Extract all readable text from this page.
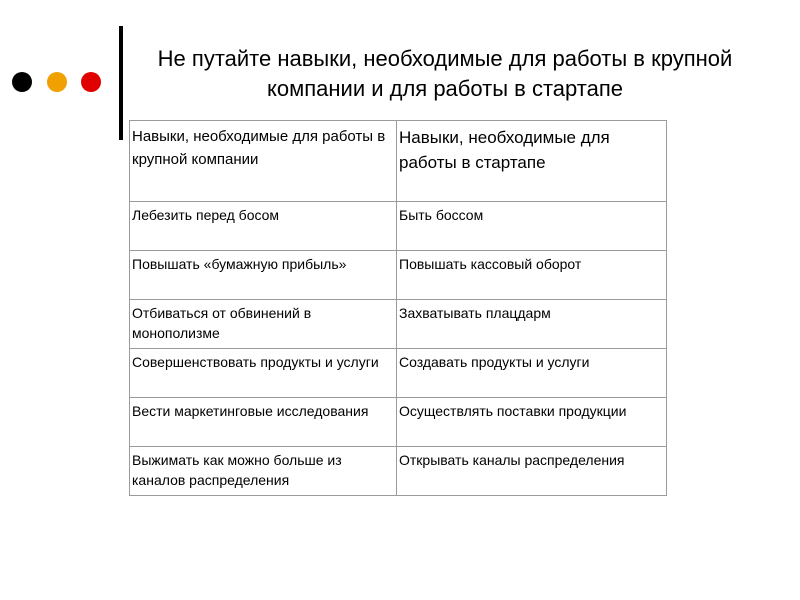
Не путайте навыки, необходимые для работы в крупной компании и для работы в стартапе
Навыки, необходимые для работы в крупной компании	Навыки, необходимые для работы в стартапе
Лебезить перед босом	Быть боссом
Повышать «бумажную прибыль»	Повышать кассовый оборот
Отбиваться от обвинений в монополизме	Захватывать плацдарм
Совершенствовать продукты и услуги	Создавать продукты и услуги
Вести маркетинговые исследования	Осуществлять поставки продукции
Выжимать как можно больше из каналов распределения	Открывать каналы распределения
